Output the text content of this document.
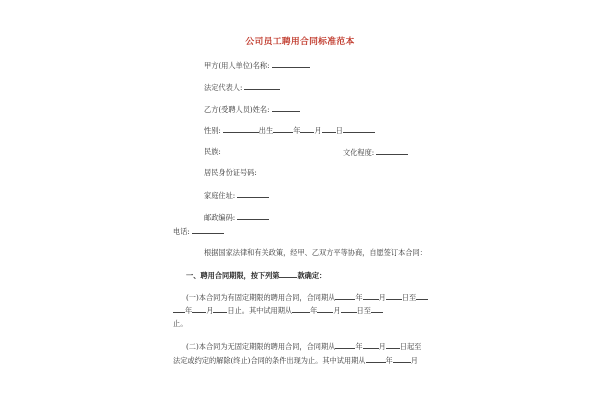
公司员工聘用合同标准范本
甲方(用人单位)名称:
法定代表人:
乙方(受聘人员)姓名:
性别:	出生	年 月 日
民族:	文化程度:
居民身份证号码:
家庭住址:
邮政编码:
电话:
根据国家法律和有关政策，经甲、乙双方平等协商，自愿签订本合同：
一、聘用合同期限，按下列第	款确定：
(一)本合同为有固定期限的聘用合同，合同期从	年 月 日至
年 月 日止。其中试用期从	年 月 日至
止。
(二)本合同为无固定期限的聘用合同，合同期从	年 月 日起至
法定或约定的解除(终止)合同的条件出现为止。其中试用期从	年	月
